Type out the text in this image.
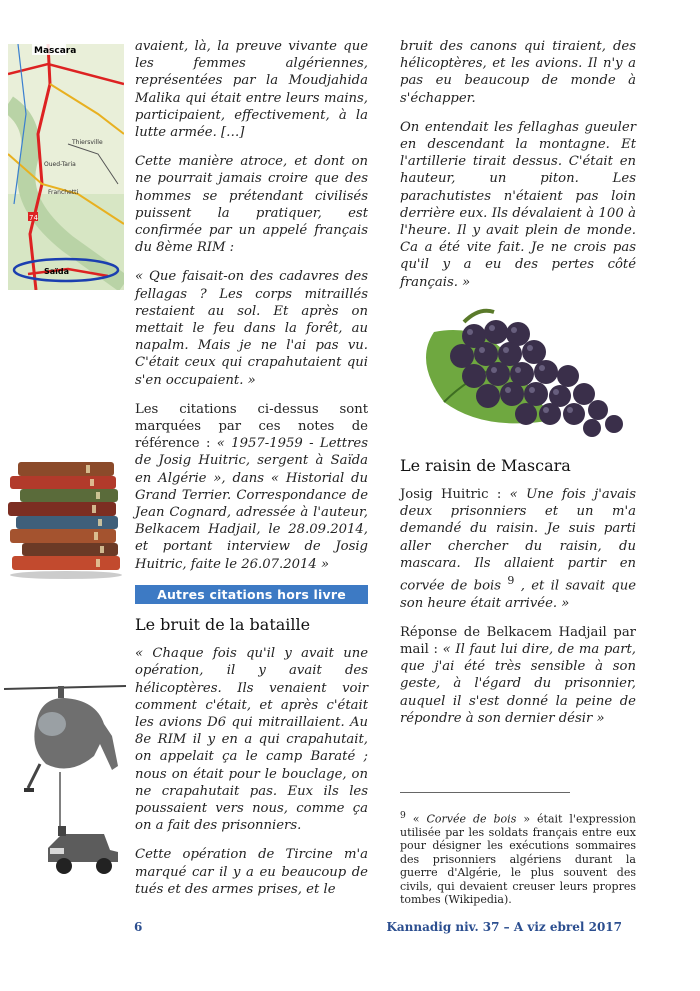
Mascara
Thiersville
Oued-Taria
Franchetti
74
Saïda

avaient, là, la preuve vivante que les femmes algériennes, représentées par la Moudjahida Malika qui était entre leurs mains, participaient, effectivement, à la lutte armée. […]

Cette manière atroce, et dont on ne pourrait jamais croire que des hommes se prétendant civilisés puissent la pratiquer, est confirmée par un appelé français du 8ème RIM :

« Que faisait-on des cadavres des fellagas ? Les corps mitraillés restaient au sol. Et après on mettait le feu dans la forêt, au napalm. Mais je ne l'ai pas vu. C'était ceux qui crapahutaient qui s'en occupaient. »

Les citations ci-dessus sont marquées par ces notes de référence : « 1957-1959 - Lettres de Josig Huitric, sergent à Saïda en Algérie », dans « Historial du Grand Terrier. Correspondance de Jean Cognard, adressée à l'auteur, Belkacem Hadjail, le 28.09.2014, et portant interview de Josig Huitric, faite le 26.07.2014 »

Autres citations hors livre
Le bruit de la bataille

« Chaque fois qu'il y avait une opération, il y avait des hélicoptères. Ils venaient voir comment c'était, et après c'était les avions D6 qui mitraillaient. Au 8e RIM il y en a qui crapahutait, on appelait ça le camp Baraté ; nous on était pour le bouclage, on ne crapahutait pas. Eux ils les poussaient vers nous, comme ça on a fait des prisonniers.

Cette opération de Tircine m'a marqué car il y a eu beaucoup de tués et des armes prises, et le

bruit des canons qui tiraient, des hélicoptères, et les avions. Il n'y a pas eu beaucoup de monde à s'échapper.

On entendait les fellaghas gueuler en descendant la montagne. Et l'artillerie tirait dessus. C'était en hauteur, un piton. Les parachutistes n'étaient pas loin derrière eux. Ils dévalaient à 100 à l'heure. Il y avait plein de monde. Ca a été vite fait. Je ne crois pas qu'il y a eu des pertes côté français. »

Le raisin de Mascara

Josig Huitric : « Une fois j'avais deux prisonniers et un m'a demandé du raisin. Je suis parti aller chercher du raisin, du mascara. Ils allaient partir en corvée de bois $^9$ , et il savait que son heure était arrivée. »

Réponse de Belkacem Hadjail par mail : « Il faut lui dire, de ma part, que j'ai été très sensible à son geste, à l'égard du prisonnier, auquel il s'est donné la peine de répondre à son dernier désir »

$^9$ « Corvée de bois » était l'expression utilisée par les soldats français entre eux pour désigner les exécutions sommaires des prisonniers algériens durant la guerre d'Algérie, le plus souvent des civils, qui devaient creuser leurs propres tombes (Wikipedia).
6	Kannadig niv. 37 – A viz ebrel 2017
